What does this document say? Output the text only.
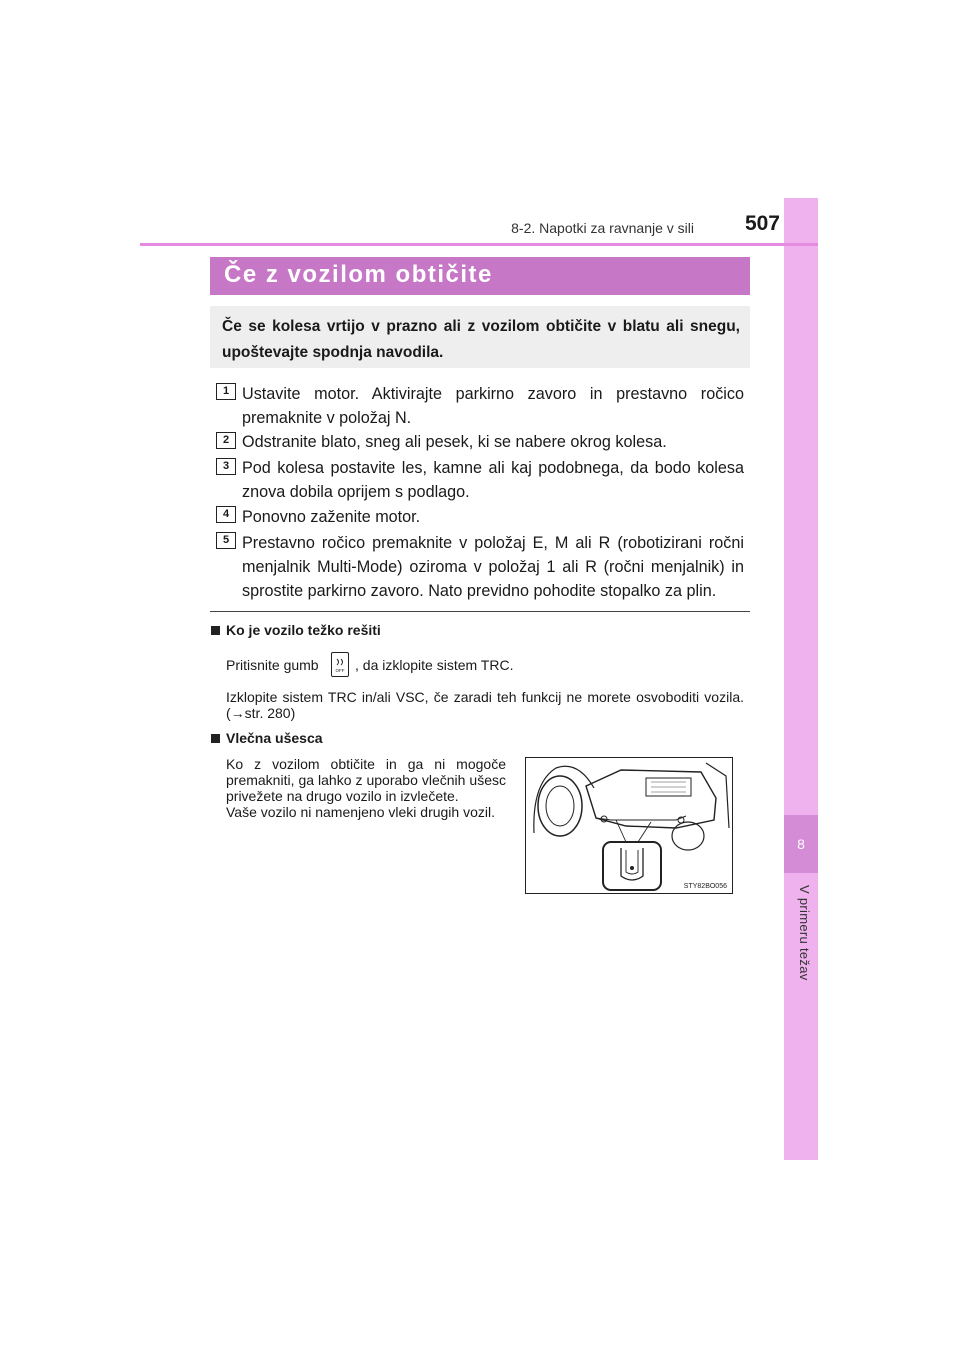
8
V primeru težav
8-2. Napotki za ravnanje v sili	507
Če z vozilom obtičite
Če se kolesa vrtijo v prazno ali z vozilom obtičite v blatu ali snegu, upoštevajte spodnja navodila.
1 Ustavite motor. Aktivirajte parkirno zavoro in prestavno ročico premaknite v položaj N.
2 Odstranite blato, sneg ali pesek, ki se nabere okrog kolesa.
3 Pod kolesa postavite les, kamne ali kaj podobnega, da bodo kolesa znova dobila oprijem s podlago.
4 Ponovno zaženite motor.
5 Prestavno ročico premaknite v položaj E, M ali R (robotizirani ročni menjalnik Multi-Mode) oziroma v položaj 1 ali R (ročni menjalnik) in sprostite parkirno zavoro. Nato previdno pohodite stopalko za plin.
Ko je vozilo težko rešiti
Pritisnite gumb	OFF , da izklopite sistem TRC.
Izklopite sistem TRC in/ali VSC, če zaradi teh funkcij ne morete osvoboditi vozila. (→str. 280)
Vlečna ušesca
Ko z vozilom obtičite in ga ni mogoče premakniti, ga lahko z uporabo vlečnih ušesc privežete na drugo vozilo in izvlečete.
Vaše vozilo ni namenjeno vleki drugih vozil.
STY82BO056
